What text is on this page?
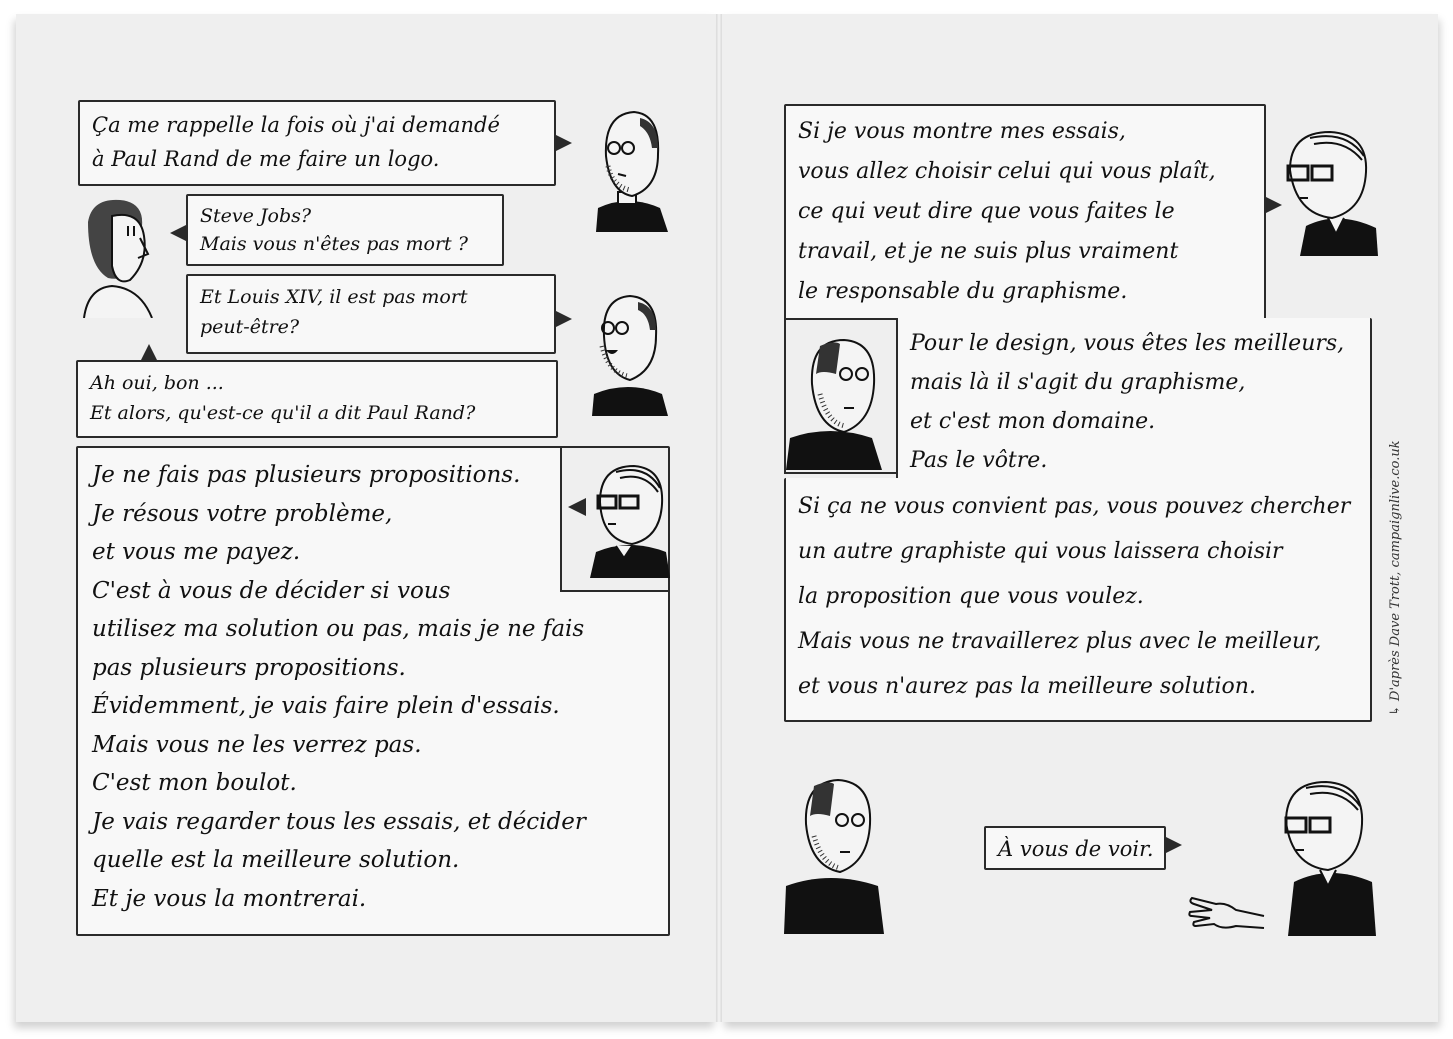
Ça me rappelle la fois où j'ai demandé
à Paul Rand de me faire un logo.
Steve Jobs?
Mais vous n'êtes pas mort ?
Et Louis XIV, il est pas mort
peut-être?
Ah oui, bon ...
Et alors, qu'est-ce qu'il a dit Paul Rand?
Je ne fais pas plusieurs propositions.
Je résous votre problème,
et vous me payez.
C'est à vous de décider si vous
utilisez ma solution ou pas, mais je ne fais
pas plusieurs propositions.
Évidemment, je vais faire plein d'essais.
Mais vous ne les verrez pas.
C'est mon boulot.
Je vais regarder tous les essais, et décider
quelle est la meilleure solution.
Et je vous la montrerai.
Si je vous montre mes essais,
vous allez choisir celui qui vous plaît,
ce qui veut dire que vous faites le
travail, et je ne suis plus vraiment
le responsable du graphisme.
Pour le design, vous êtes les meilleurs,
mais là il s'agit du graphisme,
et c'est mon domaine.
Pas le vôtre.
Si ça ne vous convient pas, vous pouvez chercher
un autre graphiste qui vous laissera choisir
la proposition que vous voulez.
Mais vous ne travaillerez plus avec le meilleur,
et vous n'aurez pas la meilleure solution.
À vous de voir.
↳ D'après Dave Trott, campaignlive.co.uk
